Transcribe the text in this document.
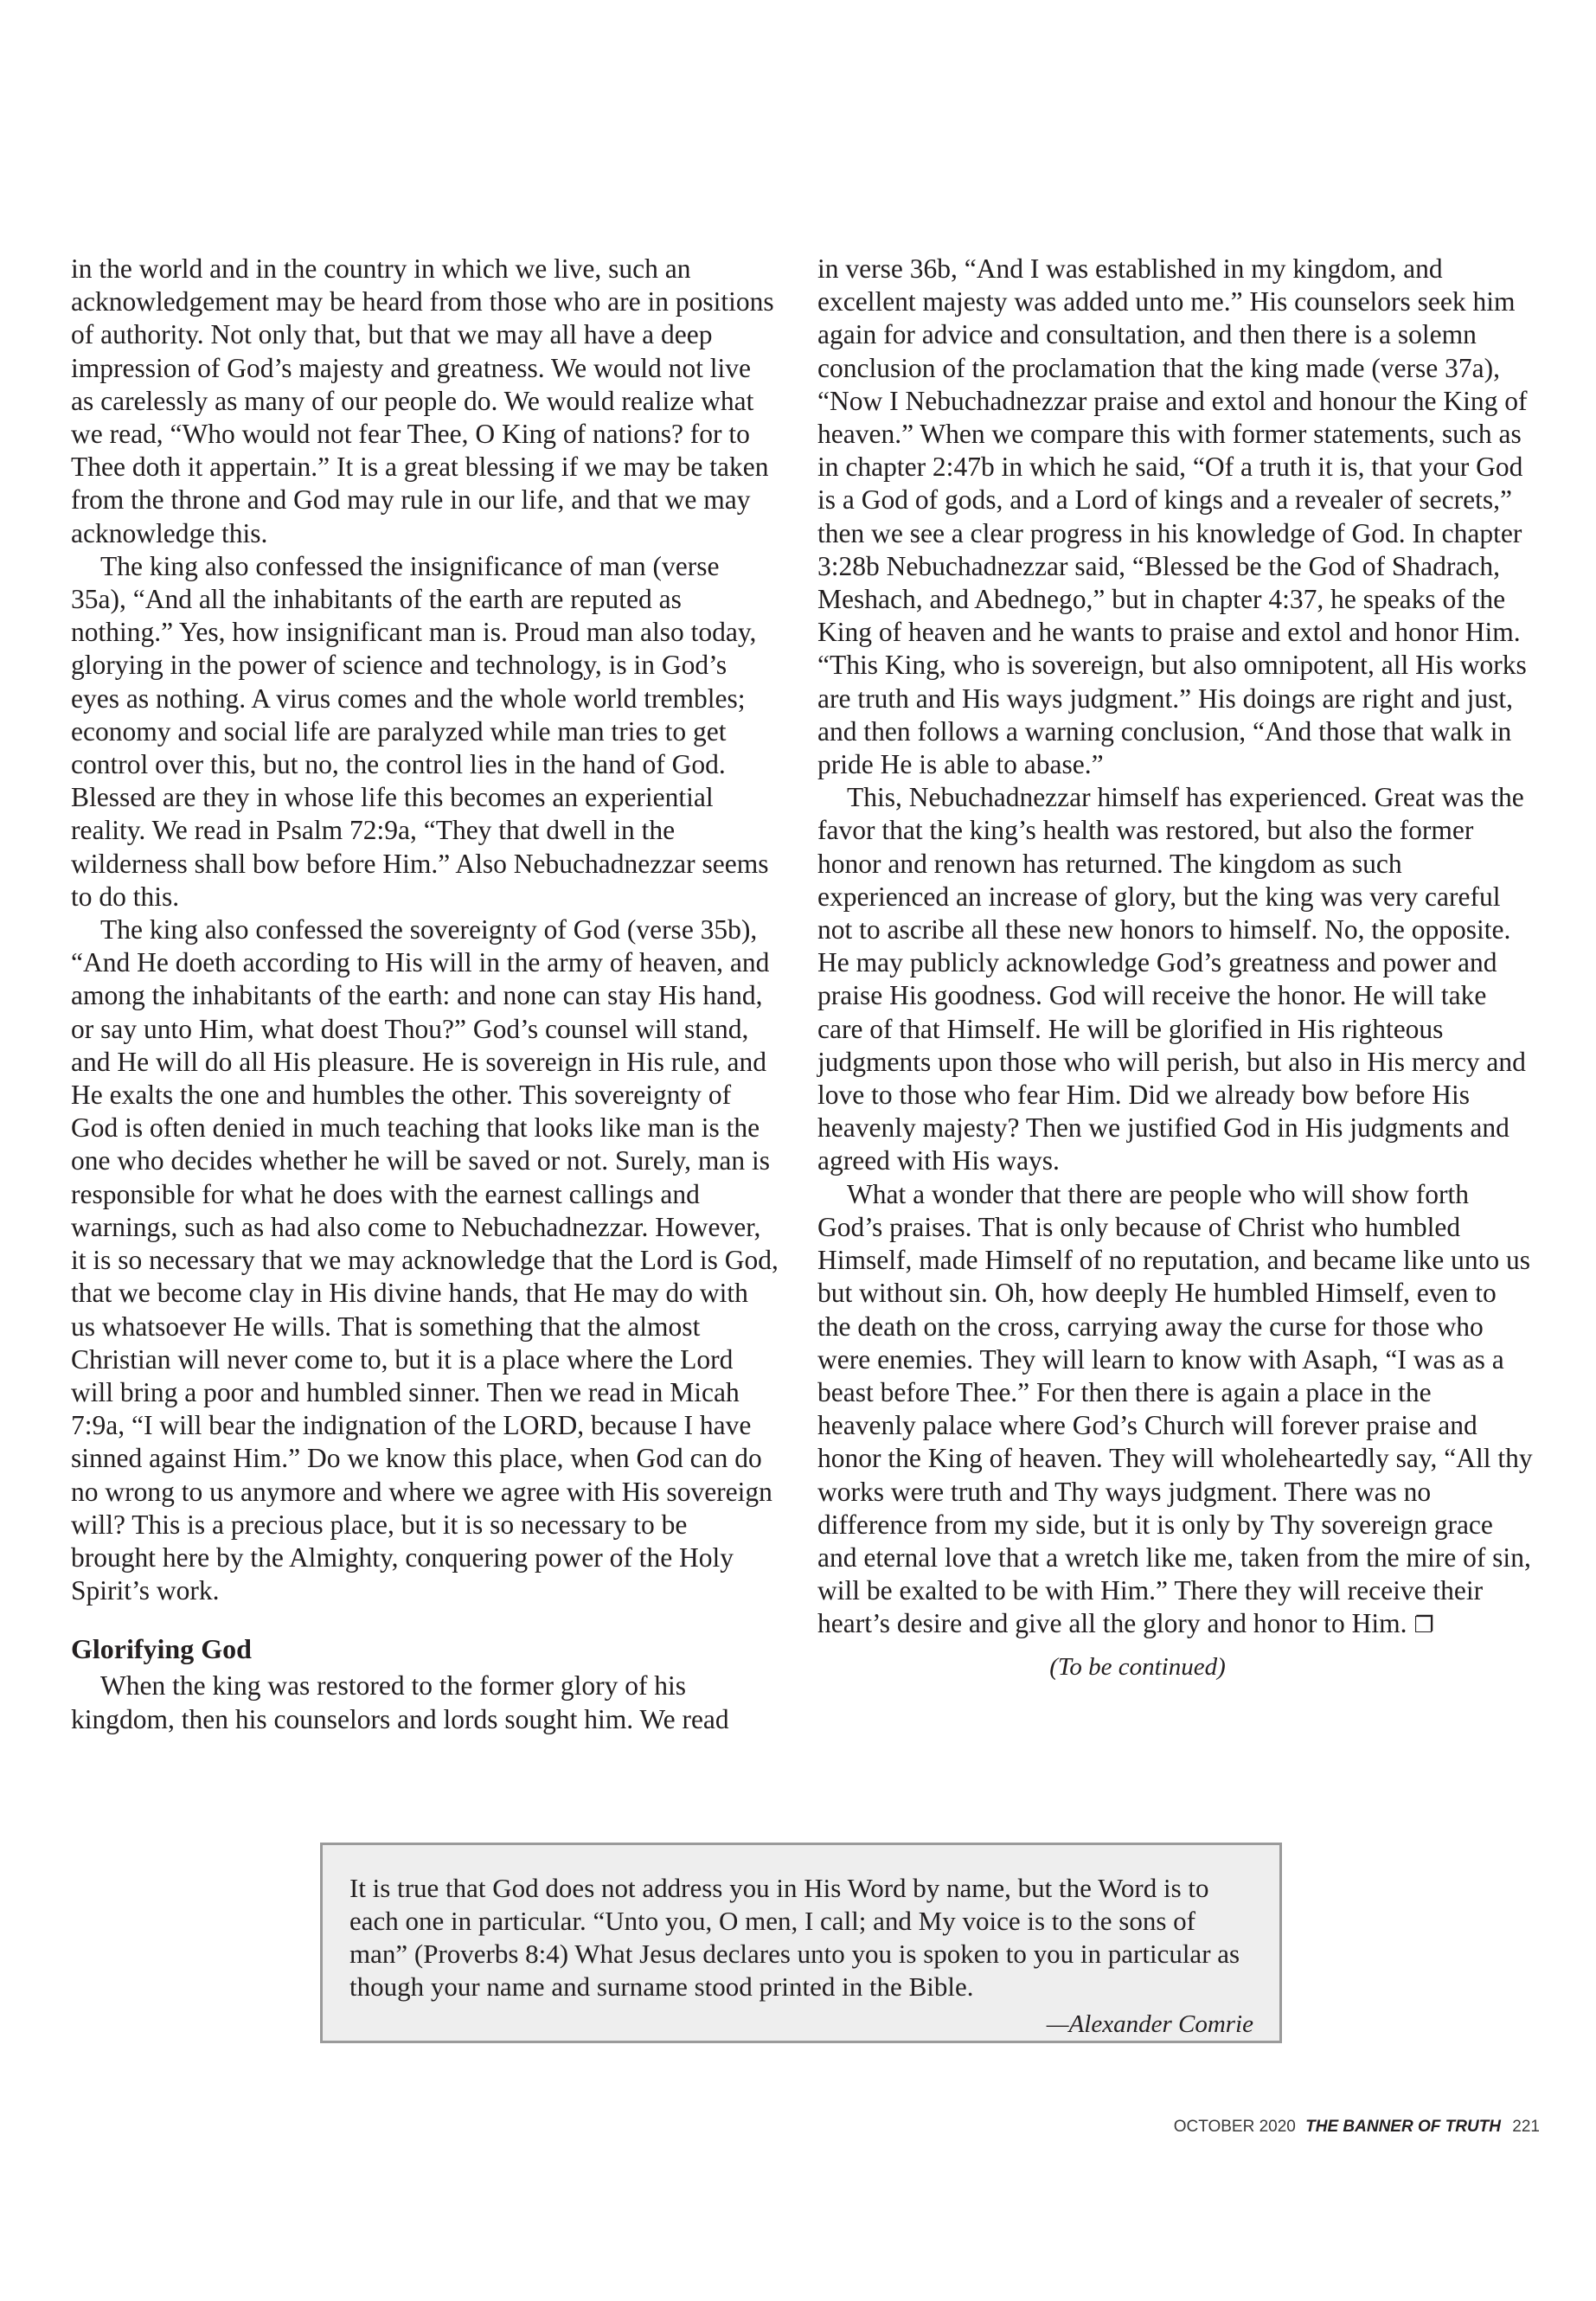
in the world and in the country in which we live, such an acknowledgement may be heard from those who are in positions of authority. Not only that, but that we may all have a deep impression of God’s majesty and greatness. We would not live as carelessly as many of our people do. We would realize what we read, “Who would not fear Thee, O King of nations? for to Thee doth it appertain.” It is a great blessing if we may be taken from the throne and God may rule in our life, and that we may acknowledge this.

The king also confessed the insignificance of man (verse 35a), “And all the inhabitants of the earth are reputed as nothing.” Yes, how insignificant man is. Proud man also today, glorying in the power of science and technology, is in God’s eyes as nothing. A virus comes and the whole world trembles; economy and social life are paralyzed while man tries to get control over this, but no, the control lies in the hand of God. Blessed are they in whose life this becomes an experiential reality. We read in Psalm 72:9a, “They that dwell in the wilderness shall bow before Him.” Also Nebuchadnezzar seems to do this.

The king also confessed the sovereignty of God (verse 35b), “And He doeth according to His will in the army of heaven, and among the inhabitants of the earth: and none can stay His hand, or say unto Him, what doest Thou?” God’s counsel will stand, and He will do all His pleasure. He is sovereign in His rule, and He exalts the one and humbles the other. This sovereignty of God is often denied in much teaching that looks like man is the one who decides whether he will be saved or not. Surely, man is responsible for what he does with the earnest callings and warnings, such as had also come to Nebuchadnezzar. However, it is so necessary that we may acknowledge that the Lord is God, that we become clay in His divine hands, that He may do with us whatsoever He wills. That is something that the almost Christian will never come to, but it is a place where the Lord will bring a poor and humbled sinner. Then we read in Micah 7:9a, “I will bear the indignation of the LORD, because I have sinned against Him.” Do we know this place, when God can do no wrong to us anymore and where we agree with His sovereign will? This is a precious place, but it is so necessary to be brought here by the Almighty, conquering power of the Holy Spirit’s work.

Glorifying God

When the king was restored to the former glory of his kingdom, then his counselors and lords sought him. We read

in verse 36b, “And I was established in my kingdom, and excellent majesty was added unto me.” His counselors seek him again for advice and consultation, and then there is a solemn conclusion of the proclamation that the king made (verse 37a), “Now I Nebuchadnezzar praise and extol and honour the King of heaven.” When we compare this with former statements, such as in chapter 2:47b in which he said, “Of a truth it is, that your God is a God of gods, and a Lord of kings and a revealer of secrets,” then we see a clear progress in his knowledge of God. In chapter 3:28b Nebuchadnezzar said, “Blessed be the God of Shadrach, Meshach, and Abednego,” but in chapter 4:37, he speaks of the King of heaven and he wants to praise and extol and honor Him. “This King, who is sovereign, but also omnipotent, all His works are truth and His ways judgment.” His doings are right and just, and then follows a warning conclusion, “And those that walk in pride He is able to abase.”

This, Nebuchadnezzar himself has experienced. Great was the favor that the king’s health was restored, but also the former honor and renown has returned. The kingdom as such experienced an increase of glory, but the king was very careful not to ascribe all these new honors to himself. No, the opposite. He may publicly acknowledge God’s greatness and power and praise His goodness. God will receive the honor. He will take care of that Himself. He will be glorified in His righteous judgments upon those who will perish, but also in His mercy and love to those who fear Him. Did we already bow before His heavenly majesty? Then we justified God in His judgments and agreed with His ways.

What a wonder that there are people who will show forth God’s praises. That is only because of Christ who humbled Himself, made Himself of no reputation, and became like unto us but without sin. Oh, how deeply He humbled Himself, even to the death on the cross, carrying away the curse for those who were enemies. They will learn to know with Asaph, “I was as a beast before Thee.” For then there is again a place in the heavenly palace where God’s Church will forever praise and honor the King of heaven. They will wholeheartedly say, “All thy works were truth and Thy ways judgment. There was no difference from my side, but it is only by Thy sovereign grace and eternal love that a wretch like me, taken from the mire of sin, will be exalted to be with Him.” There they will receive their heart’s desire and give all the glory and honor to Him. ❐

(To be continued)

It is true that God does not address you in His Word by name, but the Word is to each one in particular. “Unto you, O men, I call; and My voice is to the sons of man” (Proverbs 8:4) What Jesus declares unto you is spoken to you in particular as though your name and surname stood printed in the Bible.

—Alexander Comrie

OCTOBER 2020 THE BANNER OF TRUTH 221
